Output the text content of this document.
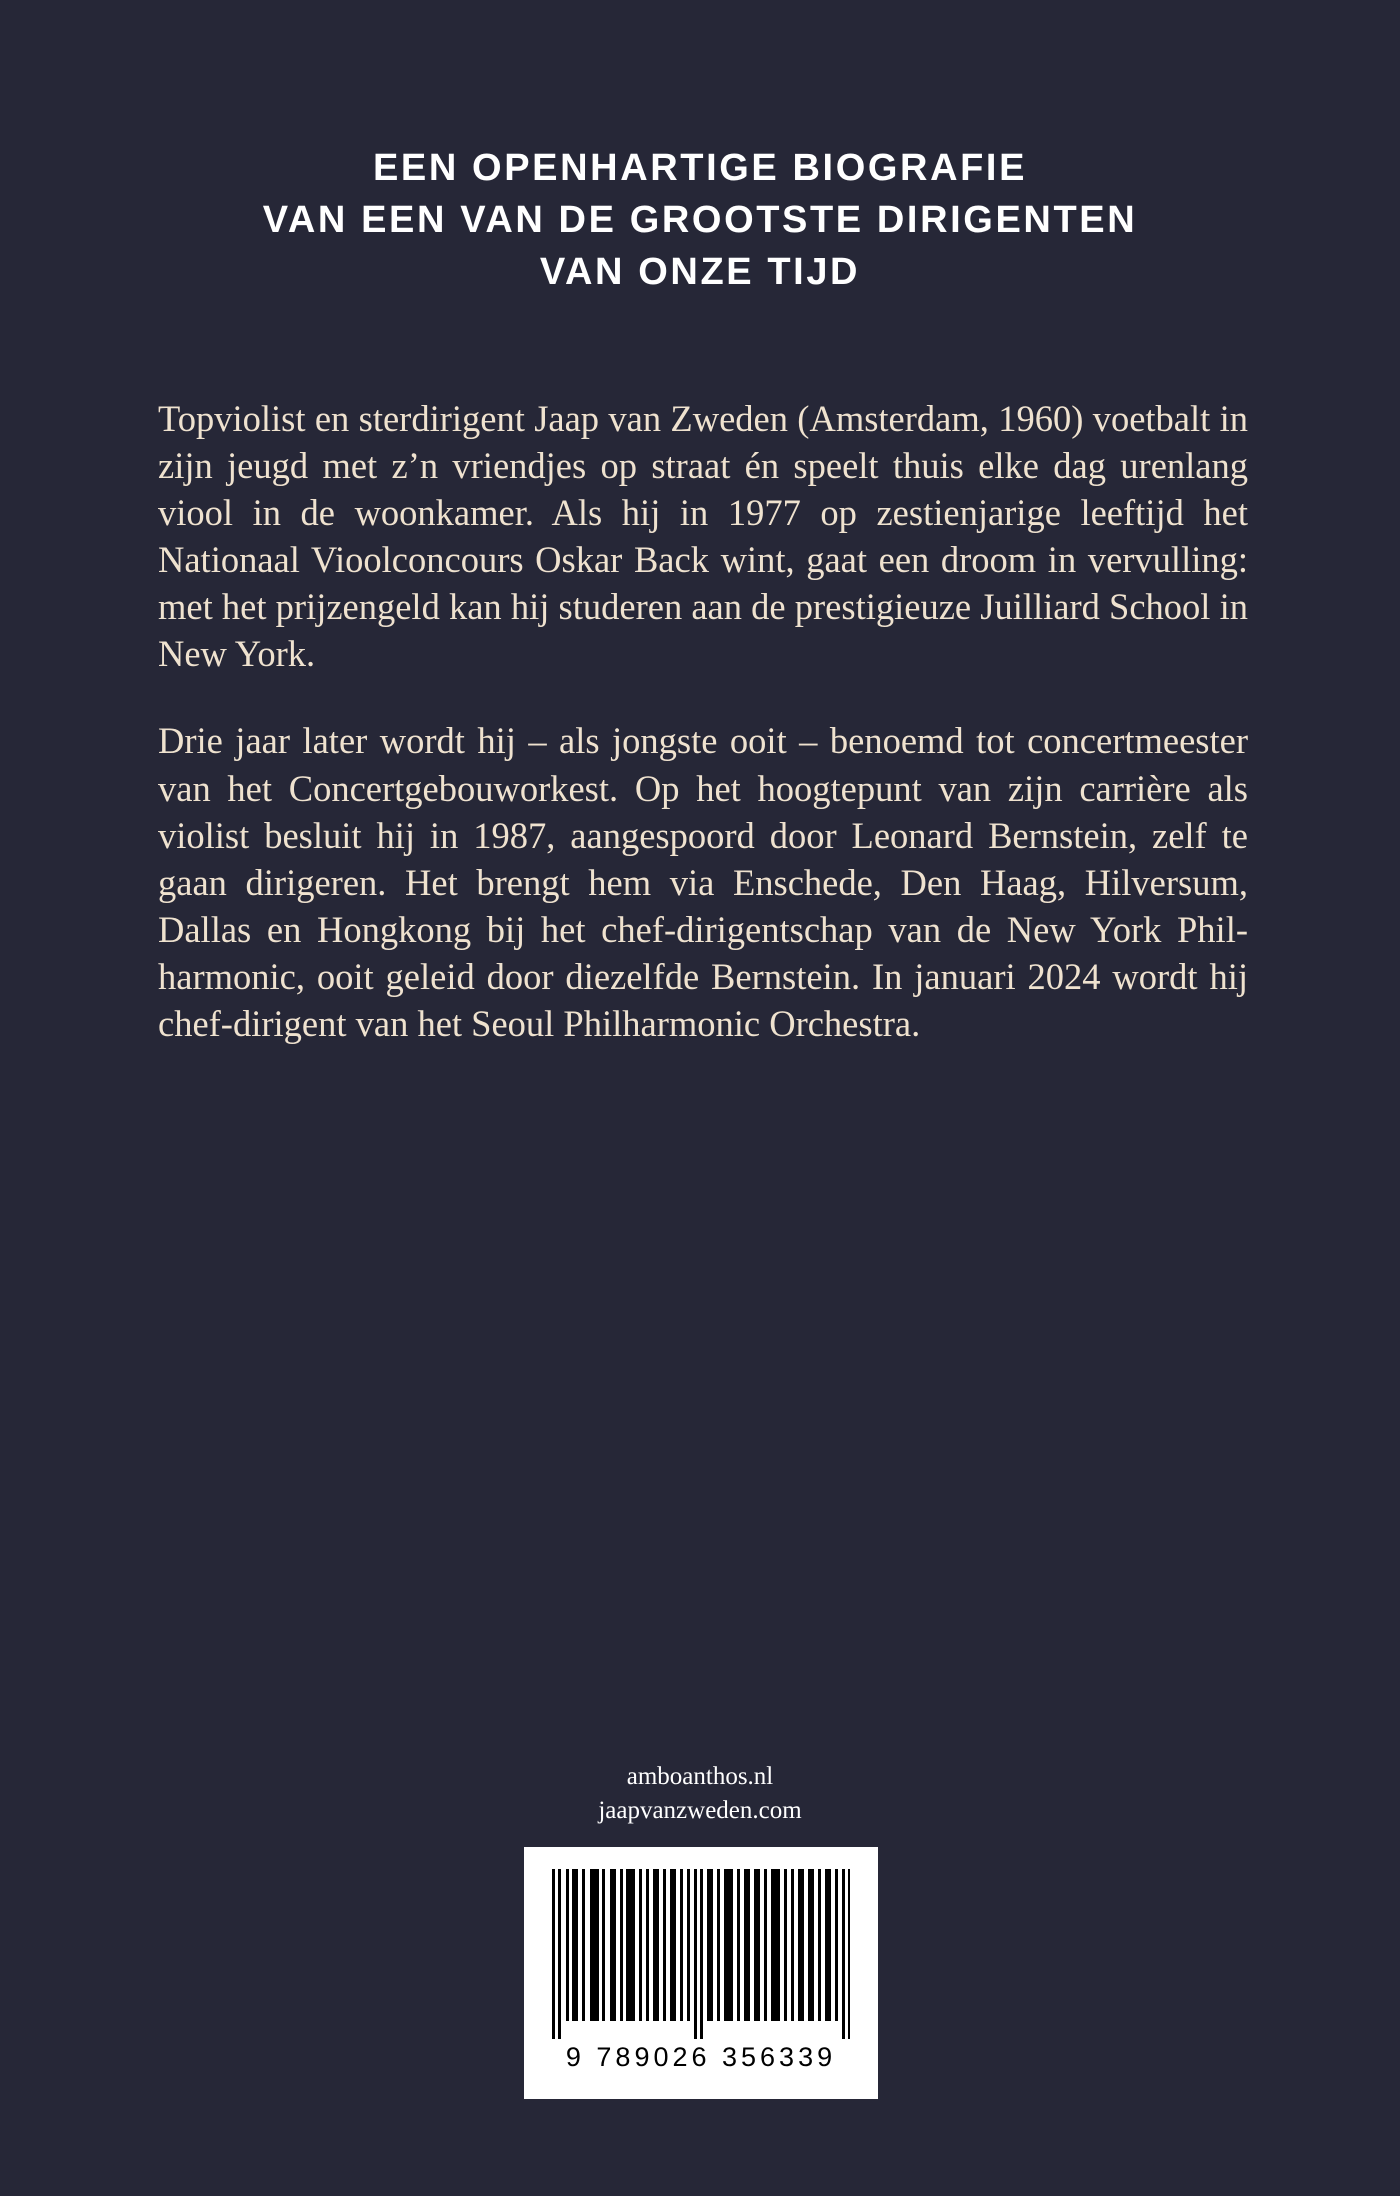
EEN OPENHARTIGE BIOGRAFIE
VAN EEN VAN DE GROOTSTE DIRIGENTEN
VAN ONZE TIJD

Topviolist en sterdirigent Jaap van Zweden (Amsterdam, 1960) voetbalt in zijn jeugd met z’n vriendjes op straat én speelt thuis elke dag urenlang viool in de woonkamer. Als hij in 1977 op zestienjarige leeftijd het Nationaal Vioolconcours Oskar Back wint, gaat een droom in vervulling: met het prijzengeld kan hij studeren aan de prestigieuze Juilliard School in New York.

Drie jaar later wordt hij – als jongste ooit – benoemd tot concertmeester van het Concertgebouworkest. Op het hoogtepunt van zijn carrière als violist besluit hij in 1987, aangespoord door Leonard Bernstein, zelf te gaan dirigeren. Het brengt hem via Enschede, Den Haag, Hilversum, Dallas en Hongkong bij het chef-dirigentschap van de New York Philharmonic, ooit geleid door diezelfde Bernstein. In januari 2024 wordt hij chef-dirigent van het Seoul Philharmonic Orchestra.

amboanthos.nl
jaapvanzweden.com
9 789026 356339
